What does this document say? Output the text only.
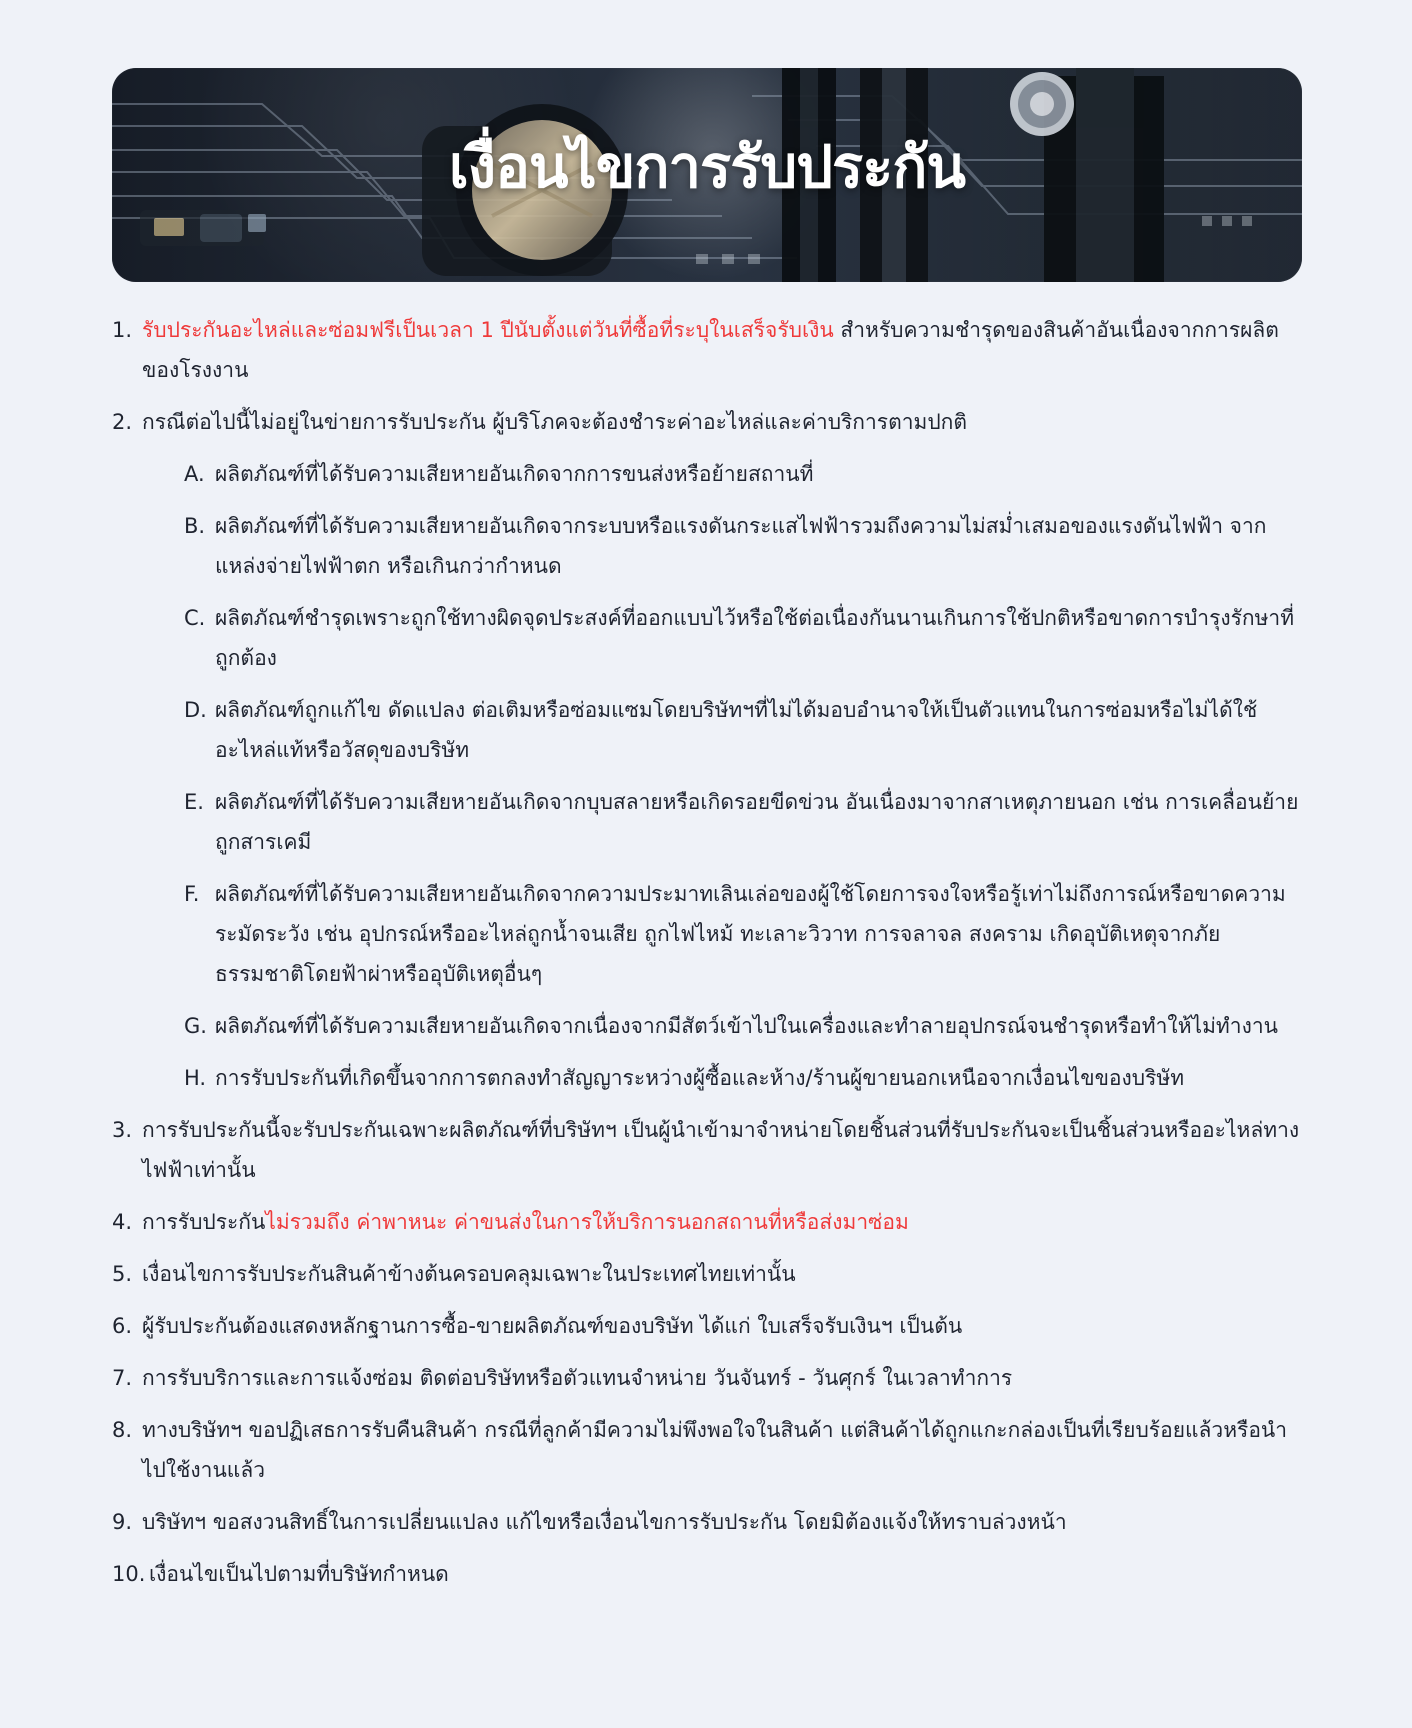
เงื่อนไขการรับประกัน
1. รับประกันอะไหล่และซ่อมฟรีเป็นเวลา 1 ปีนับตั้งแต่วันที่ซื้อที่ระบุในเสร็จรับเงิน สำหรับความชำรุดของสินค้าอันเนื่องจากการผลิตของโรงงาน
2. กรณีต่อไปนี้ไม่อยู่ในข่ายการรับประกัน ผู้บริโภคจะต้องชำระค่าอะไหล่และค่าบริการตามปกติ
A. ผลิตภัณฑ์ที่ได้รับความเสียหายอันเกิดจากการขนส่งหรือย้ายสถานที่
B. ผลิตภัณฑ์ที่ได้รับความเสียหายอันเกิดจากระบบหรือแรงดันกระแสไฟฟ้ารวมถึงความไม่สม่ำเสมอของแรงดันไฟฟ้า จากแหล่งจ่ายไฟฟ้าตก หรือเกินกว่ากำหนด
C. ผลิตภัณฑ์ชำรุดเพราะถูกใช้ทางผิดจุดประสงค์ที่ออกแบบไว้หรือใช้ต่อเนื่องกันนานเกินการใช้ปกติหรือขาดการบำรุงรักษาที่ถูกต้อง
D. ผลิตภัณฑ์ถูกแก้ไข ดัดแปลง ต่อเติมหรือซ่อมแซมโดยบริษัทฯที่ไม่ได้มอบอำนาจให้เป็นตัวแทนในการซ่อมหรือไม่ได้ใช้อะไหล่แท้หรือวัสดุของบริษัท
E. ผลิตภัณฑ์ที่ได้รับความเสียหายอันเกิดจากบุบสลายหรือเกิดรอยขีดข่วน อันเนื่องมาจากสาเหตุภายนอก เช่น การเคลื่อนย้าย ถูกสารเคมี
F. ผลิตภัณฑ์ที่ได้รับความเสียหายอันเกิดจากความประมาทเลินเล่อของผู้ใช้โดยการจงใจหรือรู้เท่าไม่ถึงการณ์หรือขาดความระมัดระวัง เช่น อุปกรณ์หรืออะไหล่ถูกน้ำจนเสีย ถูกไฟไหม้ ทะเลาะวิวาท การจลาจล สงคราม เกิดอุบัติเหตุจากภัยธรรมชาติโดยฟ้าผ่าหรืออุบัติเหตุอื่นๆ
G. ผลิตภัณฑ์ที่ได้รับความเสียหายอันเกิดจากเนื่องจากมีสัตว์เข้าไปในเครื่องและทำลายอุปกรณ์จนชำรุดหรือทำให้ไม่ทำงาน
H. การรับประกันที่เกิดขึ้นจากการตกลงทำสัญญาระหว่างผู้ซื้อและห้าง/ร้านผู้ขายนอกเหนือจากเงื่อนไขของบริษัท
3. การรับประกันนี้จะรับประกันเฉพาะผลิตภัณฑ์ที่บริษัทฯ เป็นผู้นำเข้ามาจำหน่ายโดยชิ้นส่วนที่รับประกันจะเป็นชิ้นส่วนหรืออะไหล่ทางไฟฟ้าเท่านั้น
4. การรับประกันไม่รวมถึง ค่าพาหนะ ค่าขนส่งในการให้บริการนอกสถานที่หรือส่งมาซ่อม
5. เงื่อนไขการรับประกันสินค้าข้างต้นครอบคลุมเฉพาะในประเทศไทยเท่านั้น
6. ผู้รับประกันต้องแสดงหลักฐานการซื้อ-ขายผลิตภัณฑ์ของบริษัท ได้แก่ ใบเสร็จรับเงินฯ เป็นต้น
7. การรับบริการและการแจ้งซ่อม ติดต่อบริษัทหรือตัวแทนจำหน่าย วันจันทร์ - วันศุกร์ ในเวลาทำการ
8. ทางบริษัทฯ ขอปฏิเสธการรับคืนสินค้า กรณีที่ลูกค้ามีความไม่พึงพอใจในสินค้า แต่สินค้าได้ถูกแกะกล่องเป็นที่เรียบร้อยแล้วหรือนำไปใช้งานแล้ว
9. บริษัทฯ ขอสงวนสิทธิ์ในการเปลี่ยนแปลง แก้ไขหรือเงื่อนไขการรับประกัน โดยมิต้องแจ้งให้ทราบล่วงหน้า
10. เงื่อนไขเป็นไปตามที่บริษัทกำหนด
